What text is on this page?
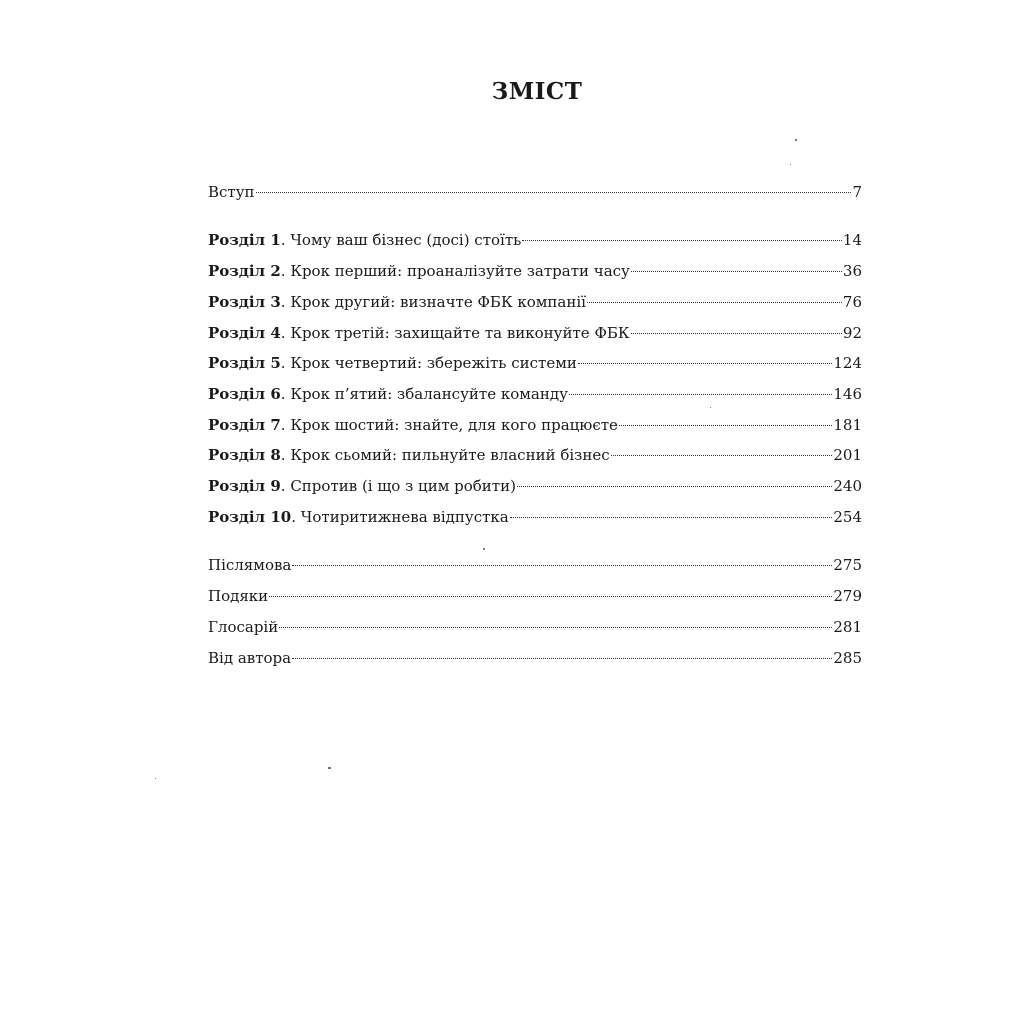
ЗМІСТ
Вступ	7
Розділ 1 . Чому ваш бізнес (досі) стоїть	14
Розділ 2 . Крок перший: проаналізуйте затрати часу	36
Розділ 3 . Крок другий: визначте ФБК компанії	76
Розділ 4 . Крок третій: захищайте та виконуйте ФБК	92
Розділ 5 . Крок четвертий: збережіть системи	124
Розділ 6 . Крок п’ятий: збалансуйте команду	146
Розділ 7 . Крок шостий: знайте, для кого працюєте	181
Розділ 8 . Крок сьомий: пильнуйте власний бізнес	201
Розділ 9 . Спротив (і що з цим робити)	240
Розділ 10 . Чотиритижнева відпустка	254
Післямова	275
Подяки	279
Глосарій	281
Від автора	285
